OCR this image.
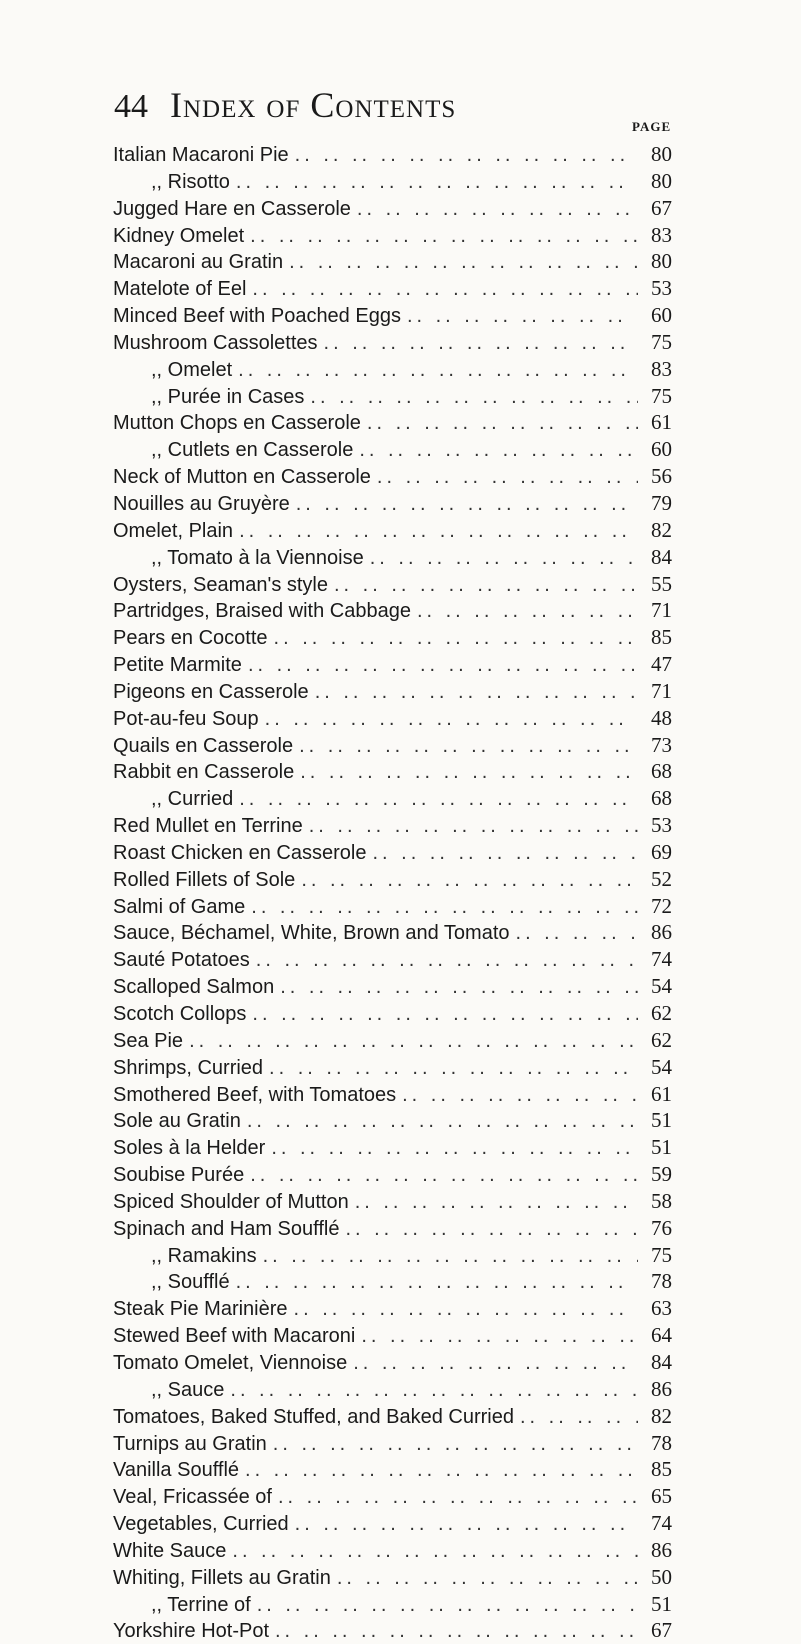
44 Index of Contents
PAGE
Italian Macaroni Pie .. ..	80
,, Risotto .. ..	80
Jugged Hare en Casserole .. ..	67
Kidney Omelet .. ..	83
Macaroni au Gratin .. ..	80
Matelote of Eel .. ..	53
Minced Beef with Poached Eggs .. ..	60
Mushroom Cassolettes .. ..	75
,, Omelet .. ..	83
,, Purée in Cases .. ..	75
Mutton Chops en Casserole .. ..	61
,, Cutlets en Casserole .. ..	60
Neck of Mutton en Casserole .. ..	56
Nouilles au Gruyère .. ..	79
Omelet, Plain .. ..	82
,, Tomato à la Viennoise .. ..	84
Oysters, Seaman's style .. ..	55
Partridges, Braised with Cabbage .. ..	71
Pears en Cocotte .. ..	85
Petite Marmite .. ..	47
Pigeons en Casserole .. ..	71
Pot-au-feu Soup .. ..	48
Quails en Casserole .. ..	73
Rabbit en Casserole .. ..	68
,, Curried .. ..	68
Red Mullet en Terrine .. ..	53
Roast Chicken en Casserole .. ..	69
Rolled Fillets of Sole .. ..	52
Salmi of Game .. ..	72
Sauce, Béchamel, White, Brown and Tomato .. ..	86
Sauté Potatoes .. ..	74
Scalloped Salmon .. ..	54
Scotch Collops .. ..	62
Sea Pie .. ..	62
Shrimps, Curried .. ..	54
Smothered Beef, with Tomatoes .. ..	61
Sole au Gratin .. ..	51
Soles à la Helder .. ..	51
Soubise Purée .. ..	59
Spiced Shoulder of Mutton .. ..	58
Spinach and Ham Soufflé .. ..	76
,, Ramakins .. ..	75
,, Soufflé .. ..	78
Steak Pie Marinière .. ..	63
Stewed Beef with Macaroni .. ..	64
Tomato Omelet, Viennoise .. ..	84
,, Sauce .. ..	86
Tomatoes, Baked Stuffed, and Baked Curried .. ..	82
Turnips au Gratin .. ..	78
Vanilla Soufflé .. ..	85
Veal, Fricassée of .. ..	65
Vegetables, Curried .. ..	74
White Sauce .. ..	86
Whiting, Fillets au Gratin .. ..	50
,, Terrine of .. ..	51
Yorkshire Hot-Pot .. ..	67
